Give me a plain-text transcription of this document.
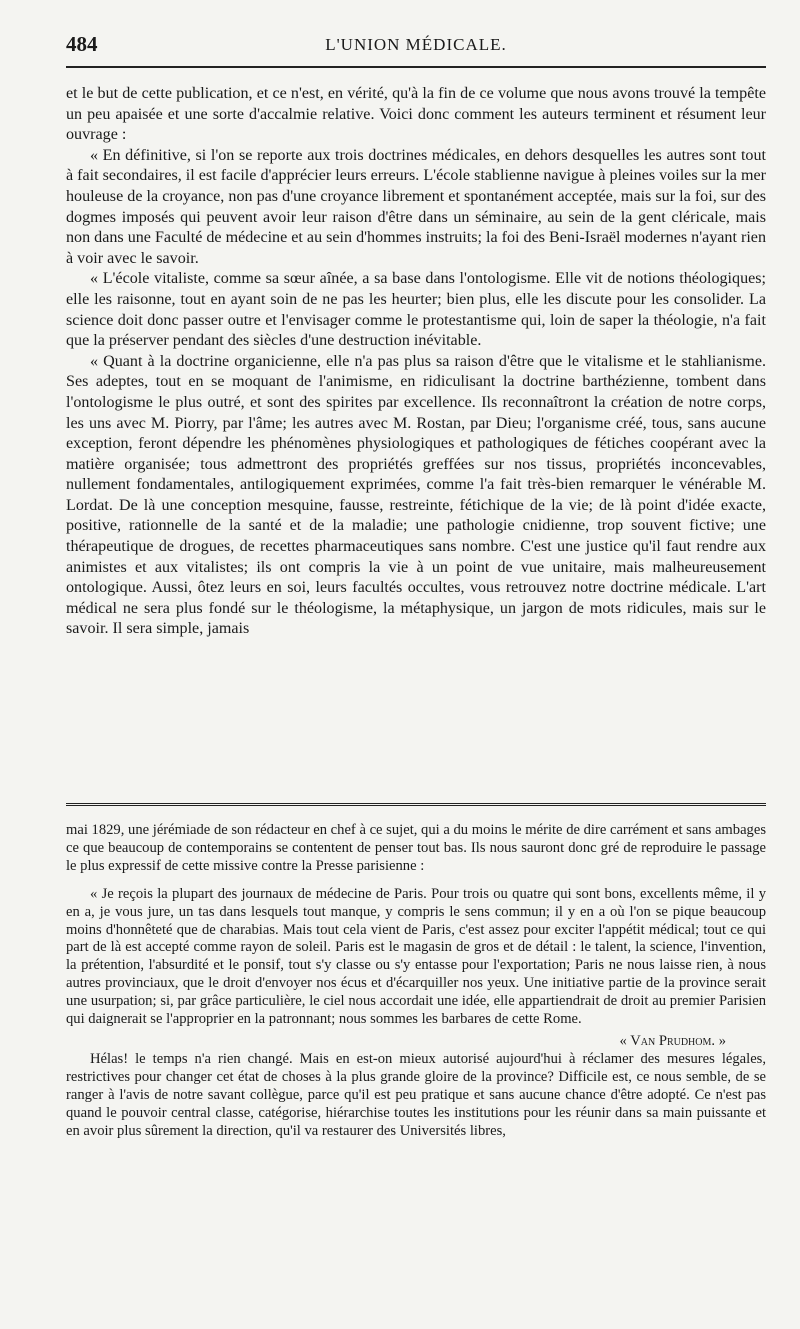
484	L'UNION MÉDICALE.

et le but de cette publication, et ce n'est, en vérité, qu'à la fin de ce volume que nous avons trouvé la tempête un peu apaisée et une sorte d'accalmie relative. Voici donc comment les auteurs terminent et résument leur ouvrage :

« En définitive, si l'on se reporte aux trois doctrines médicales, en dehors desquelles les autres sont tout à fait secondaires, il est facile d'apprécier leurs erreurs. L'école stablienne navigue à pleines voiles sur la mer houleuse de la croyance, non pas d'une croyance librement et spontanément acceptée, mais sur la foi, sur des dogmes imposés qui peuvent avoir leur raison d'être dans un séminaire, au sein de la gent cléricale, mais non dans une Faculté de médecine et au sein d'hommes instruits; la foi des Beni-Israël modernes n'ayant rien à voir avec le savoir.

« L'école vitaliste, comme sa sœur aînée, a sa base dans l'ontologisme. Elle vit de notions théologiques; elle les raisonne, tout en ayant soin de ne pas les heurter; bien plus, elle les discute pour les consolider. La science doit donc passer outre et l'envisager comme le protestantisme qui, loin de saper la théologie, n'a fait que la préserver pendant des siècles d'une destruction inévitable.

« Quant à la doctrine organicienne, elle n'a pas plus sa raison d'être que le vitalisme et le stahlianisme. Ses adeptes, tout en se moquant de l'animisme, en ridiculisant la doctrine barthézienne, tombent dans l'ontologisme le plus outré, et sont des spirites par excellence. Ils reconnaîtront la création de notre corps, les uns avec M. Piorry, par l'âme; les autres avec M. Rostan, par Dieu; l'organisme créé, tous, sans aucune exception, feront dépendre les phénomènes physiologiques et pathologiques de fétiches coopérant avec la matière organisée; tous admettront des propriétés greffées sur nos tissus, propriétés inconcevables, nullement fondamentales, antilogiquement exprimées, comme l'a fait très-bien remarquer le vénérable M. Lordat. De là une conception mesquine, fausse, restreinte, fétichique de la vie; de là point d'idée exacte, positive, rationnelle de la santé et de la maladie; une pathologie cnidienne, trop souvent fictive; une thérapeutique de drogues, de recettes pharmaceutiques sans nombre. C'est une justice qu'il faut rendre aux animistes et aux vitalistes; ils ont compris la vie à un point de vue unitaire, mais malheureusement ontologique. Aussi, ôtez leurs en soi, leurs facultés occultes, vous retrouvez notre doctrine médicale. L'art médical ne sera plus fondé sur le théologisme, la métaphysique, un jargon de mots ridicules, mais sur le savoir. Il sera simple, jamais

mai 1829, une jérémiade de son rédacteur en chef à ce sujet, qui a du moins le mérite de dire carrément et sans ambages ce que beaucoup de contemporains se contentent de penser tout bas. Ils nous sauront donc gré de reproduire le passage le plus expressif de cette missive contre la Presse parisienne :

« Je reçois la plupart des journaux de médecine de Paris. Pour trois ou quatre qui sont bons, excellents même, il y en a, je vous jure, un tas dans lesquels tout manque, y compris le sens commun; il y en a où l'on se pique beaucoup moins d'honnêteté que de charabias. Mais tout cela vient de Paris, c'est assez pour exciter l'appétit médical; tout ce qui part de là est accepté comme rayon de soleil. Paris est le magasin de gros et de détail : le talent, la science, l'invention, la prétention, l'absurdité et le ponsif, tout s'y classe ou s'y entasse pour l'exportation; Paris ne nous laisse rien, à nous autres provinciaux, que le droit d'envoyer nos écus et d'écarquiller nos yeux. Une initiative partie de la province serait une usurpation; si, par grâce particulière, le ciel nous accordait une idée, elle appartiendrait de droit au premier Parisien qui daignerait se l'approprier en la patronnant; nous sommes les barbares de cette Rome.

« Van Prudhom. »

Hélas! le temps n'a rien changé. Mais en est-on mieux autorisé aujourd'hui à réclamer des mesures légales, restrictives pour changer cet état de choses à la plus grande gloire de la province? Difficile est, ce nous semble, de se ranger à l'avis de notre savant collègue, parce qu'il est peu pratique et sans aucune chance d'être adopté. Ce n'est pas quand le pouvoir central classe, catégorise, hiérarchise toutes les institutions pour les réunir dans sa main puissante et en avoir plus sûrement la direction, qu'il va restaurer des Universités libres,
